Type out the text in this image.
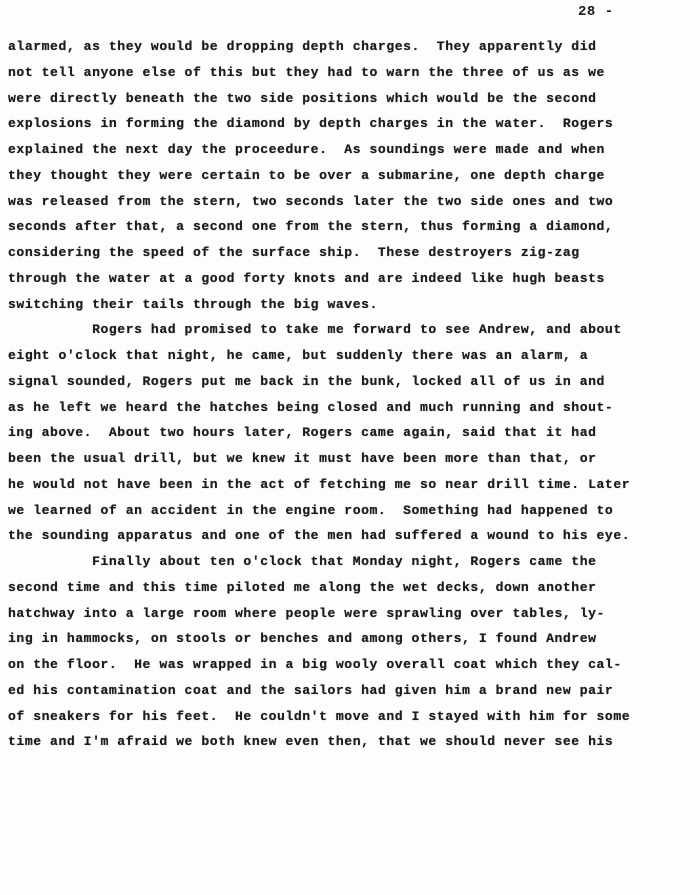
28 -
alarmed, as they would be dropping depth charges.  They apparently did
not tell anyone else of this but they had to warn the three of us as we
were directly beneath the two side positions which would be the second
explosions in forming the diamond by depth charges in the water.  Rogers
explained the next day the proceedure.  As soundings were made and when
they thought they were certain to be over a submarine, one depth charge
was released from the stern, two seconds later the two side ones and two
seconds after that, a second one from the stern, thus forming a diamond,
considering the speed of the surface ship.  These destroyers zig-zag
through the water at a good forty knots and are indeed like hugh beasts
switching their tails through the big waves.
Rogers had promised to take me forward to see Andrew, and about
eight o'clock that night, he came, but suddenly there was an alarm, a
signal sounded, Rogers put me back in the bunk, locked all of us in and
as he left we heard the hatches being closed and much running and shout-
ing above.  About two hours later, Rogers came again, said that it had
been the usual drill, but we knew it must have been more than that, or
he would not have been in the act of fetching me so near drill time. Later
we learned of an accident in the engine room.  Something had happened to
the sounding apparatus and one of the men had suffered a wound to his eye.
Finally about ten o'clock that Monday night, Rogers came the
second time and this time piloted me along the wet decks, down another
hatchway into a large room where people were sprawling over tables, ly-
ing in hammocks, on stools or benches and among others, I found Andrew
on the floor.  He was wrapped in a big wooly overall coat which they cal-
ed his contamination coat and the sailors had given him a brand new pair
of sneakers for his feet.  He couldn't move and I stayed with him for some
time and I'm afraid we both knew even then, that we should never see his
